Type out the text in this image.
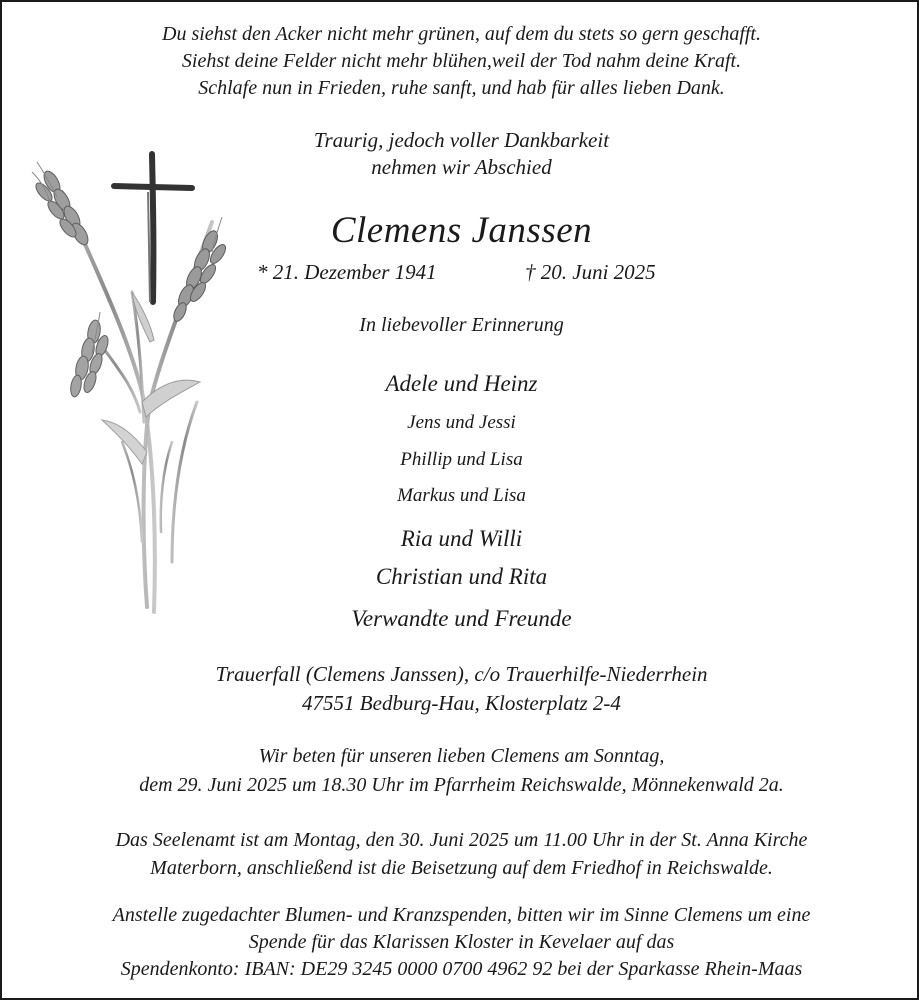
Du siehst den Acker nicht mehr grünen, auf dem du stets so gern geschafft.
Siehst deine Felder nicht mehr blühen,weil der Tod nahm deine Kraft.
Schlafe nun in Frieden, ruhe sanft, und hab für alles lieben Dank.
Traurig, jedoch voller Dankbarkeit
nehmen wir Abschied
Clemens Janssen
* 21. Dezember 1941	† 20. Juni 2025
In liebevoller Erinnerung
Adele und Heinz
Jens und Jessi
Phillip und Lisa
Markus und Lisa
Ria und Willi
Christian und Rita
Verwandte und Freunde
Trauerfall (Clemens Janssen), c/o Trauerhilfe-Niederrhein
47551 Bedburg-Hau, Klosterplatz 2-4
Wir beten für unseren lieben Clemens am Sonntag,
dem 29. Juni 2025 um 18.30 Uhr im Pfarrheim Reichswalde, Mönnekenwald 2a.
Das Seelenamt ist am Montag, den 30. Juni 2025 um 11.00 Uhr in der St. Anna Kirche
Materborn, anschließend ist die Beisetzung auf dem Friedhof in Reichswalde.
Anstelle zugedachter Blumen- und Kranzspenden, bitten wir im Sinne Clemens um eine
Spende für das Klarissen Kloster in Kevelaer auf das
Spendenkonto: IBAN: DE29 3245 0000 0700 4962 92 bei der Sparkasse Rhein-Maas
